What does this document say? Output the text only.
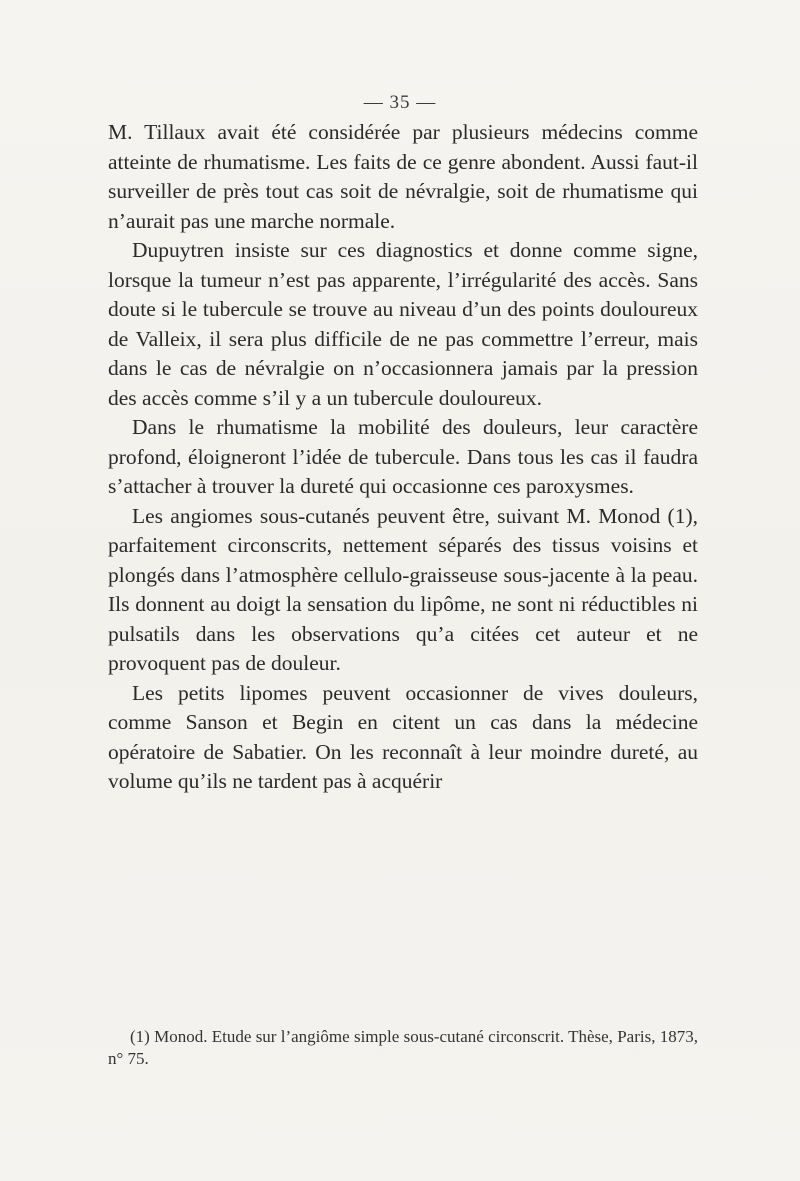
— 35 —

M. Tillaux avait été considérée par plusieurs médecins comme atteinte de rhumatisme. Les faits de ce genre abondent. Aussi faut-il surveiller de près tout cas soit de névralgie, soit de rhumatisme qui n’aurait pas une marche normale.

Dupuytren insiste sur ces diagnostics et donne comme signe, lorsque la tumeur n’est pas apparente, l’irrégularité des accès. Sans doute si le tubercule se trouve au niveau d’un des points douloureux de Valleix, il sera plus difficile de ne pas commettre l’erreur, mais dans le cas de névralgie on n’occasionnera jamais par la pression des accès comme s’il y a un tubercule douloureux.

Dans le rhumatisme la mobilité des douleurs, leur caractère profond, éloigneront l’idée de tubercule. Dans tous les cas il faudra s’attacher à trouver la dureté qui occasionne ces paroxysmes.

Les angiomes sous-cutanés peuvent être, suivant M. Monod (1), parfaitement circonscrits, nettement séparés des tissus voisins et plongés dans l’atmosphère cellulo-graisseuse sous-jacente à la peau. Ils donnent au doigt la sensation du lipôme, ne sont ni réductibles ni pulsatils dans les observations qu’a citées cet auteur et ne provoquent pas de douleur.

Les petits lipomes peuvent occasionner de vives douleurs, comme Sanson et Begin en citent un cas dans la médecine opératoire de Sabatier. On les reconnaît à leur moindre dureté, au volume qu’ils ne tardent pas à acquérir

(1) Monod. Etude sur l’angiôme simple sous-cutané circonscrit. Thèse, Paris, 1873, n° 75.
